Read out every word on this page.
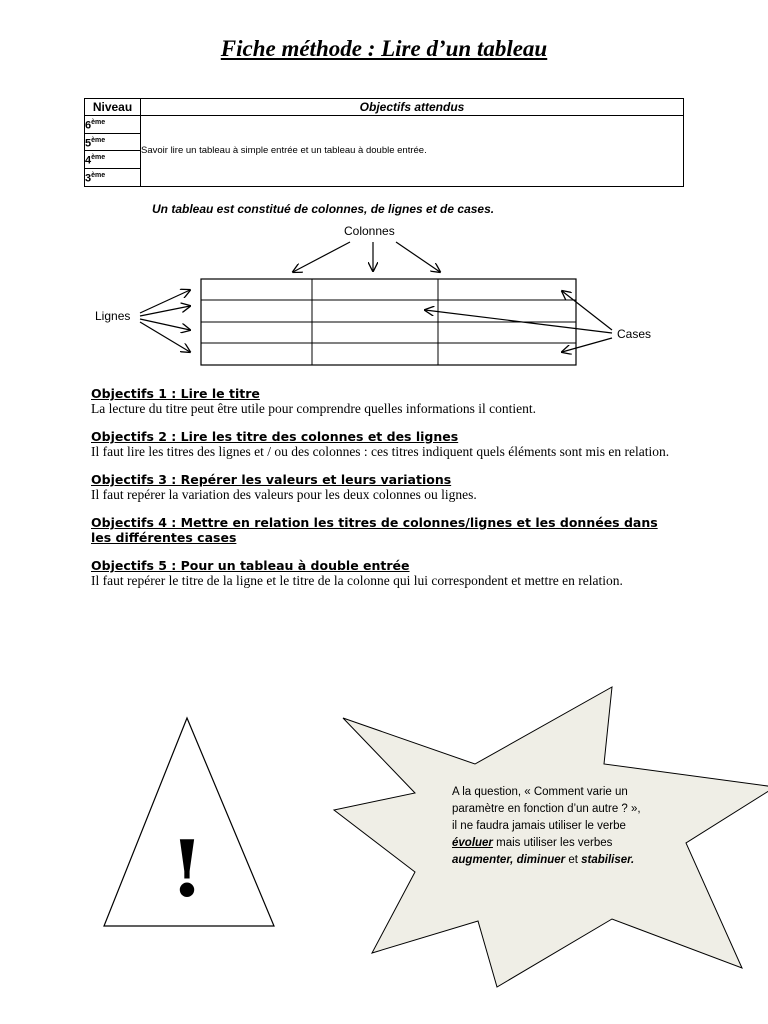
Fiche méthode : Lire d’un tableau
Niveau	Objectifs attendus
6ème	Savoir lire un tableau à simple entrée et un tableau à double entrée.
5ème
4ème
3ème
Un tableau est constitué de colonnes, de lignes et de cases.
Colonnes
Lignes
Cases
Objectifs 1 : Lire le titre
La lecture du titre peut être utile pour comprendre quelles informations il contient.
Objectifs 2 : Lire les titre des colonnes et des lignes
Il faut lire les titres des lignes et / ou des colonnes : ces titres indiquent quels éléments sont mis en relation.
Objectifs 3 : Repérer les valeurs et leurs variations
Il faut repérer la variation des valeurs pour les deux colonnes ou lignes.
Objectifs 4 : Mettre en relation les titres de colonnes/lignes et les données dans les différentes cases
Objectifs 5 : Pour un tableau à double entrée
Il faut repérer le titre de la ligne et le titre de la colonne qui lui correspondent et mettre en relation.
!
A la question, « Comment varie un paramètre en fonction d’un autre ? », il ne faudra jamais utiliser le verbe évoluer mais utiliser les verbes augmenter, diminuer et stabiliser.
